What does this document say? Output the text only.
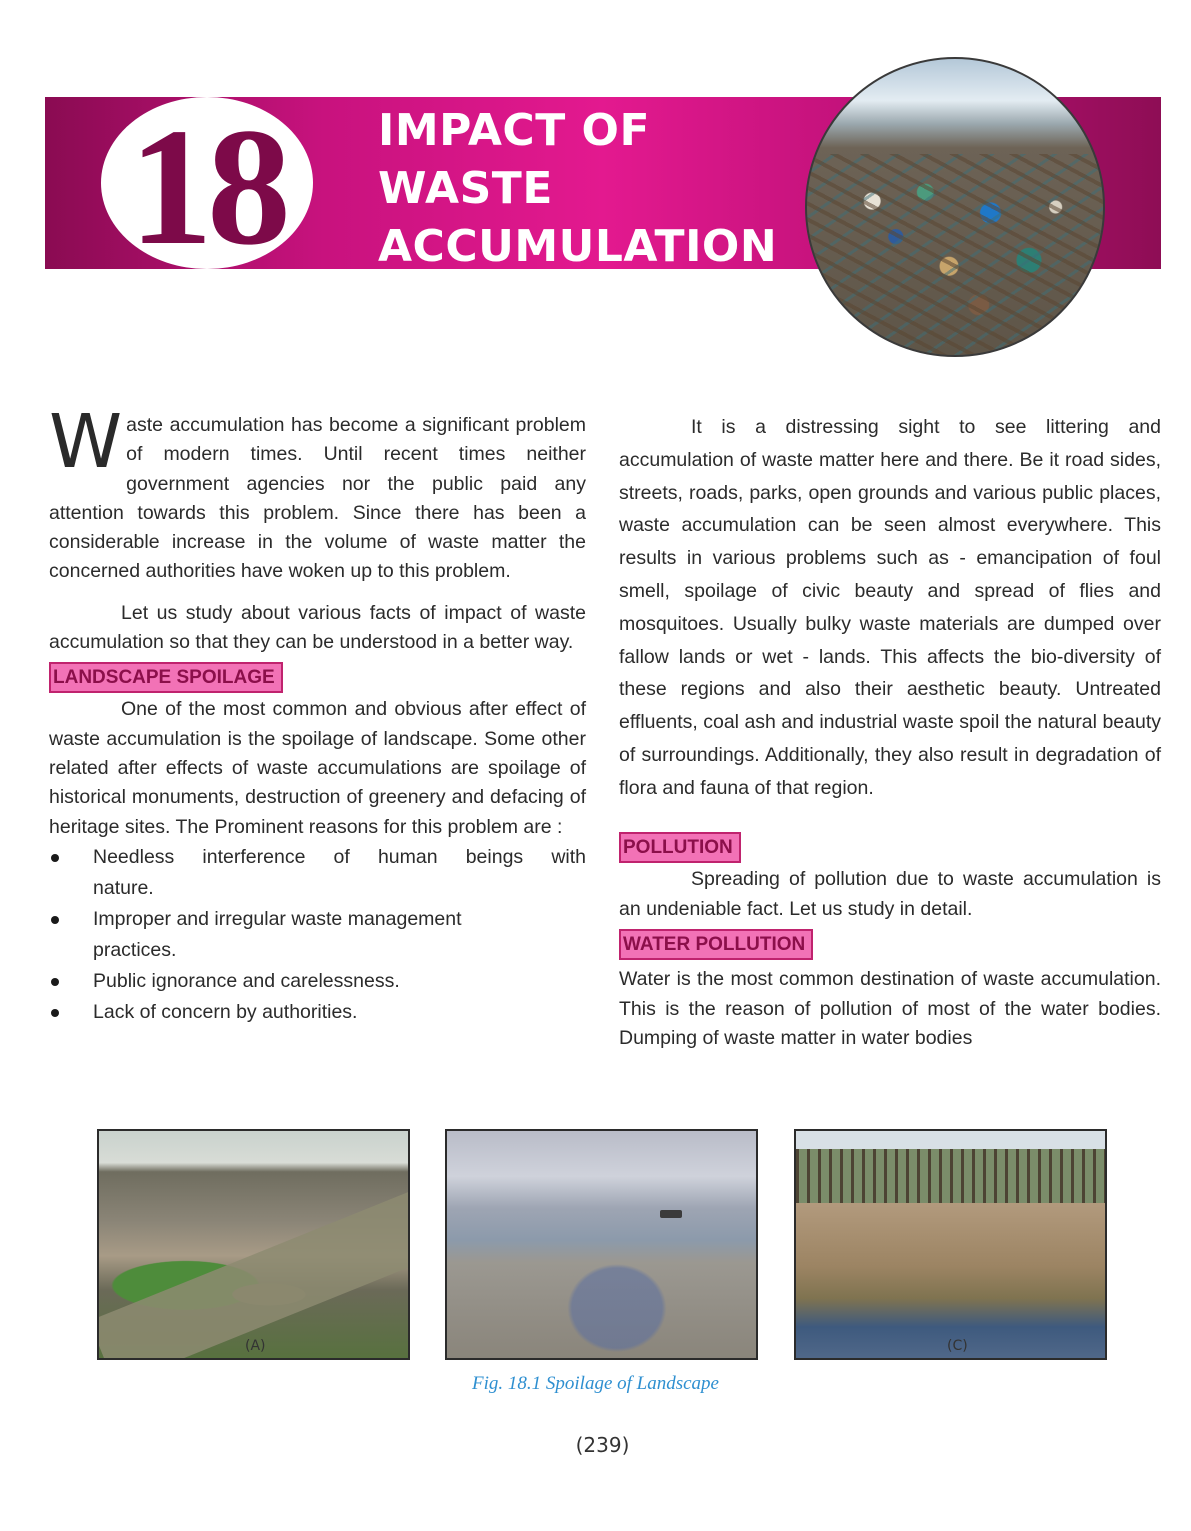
18	IMPACT OF
WASTE
ACCUMULATION

Waste accumulation has become a significant problem of modern times. Until recent times neither government agencies nor the public paid any attention towards this problem. Since there has been a considerable increase in the volume of waste matter the concerned authorities have woken up to this problem.

Let us study about various facts of impact of waste accumulation so that they can be understood in a better way.

LANDSCAPE SPOILAGE

One of the most common and obvious after effect of waste accumulation is the spoilage of landscape. Some other related after effects of waste accumulations are spoilage of historical monuments, destruction of greenery and defacing of heritage sites. The Prominent reasons for this problem are :

Needless interference of human beings with
nature.
Improper and irregular waste management
practices.
Public ignorance and carelessness.
Lack of concern by authorities.

It is a distressing sight to see littering and accumulation of waste matter here and there. Be it road sides, streets, roads, parks, open grounds and various public places, waste accumulation can be seen almost everywhere. This results in various problems such as - emancipation of foul smell, spoilage of civic beauty and spread of flies and mosquitoes. Usually bulky waste materials are dumped over fallow lands or wet - lands. This affects the bio-diversity of these regions and also their aesthetic beauty. Untreated effluents, coal ash and industrial waste spoil the natural beauty of surroundings. Additionally, they also result in degradation of flora and fauna of that region.

POLLUTION

Spreading of pollution due to waste accumulation is an undeniable fact. Let us study in detail.

WATER POLLUTION

Water is the most common destination of waste accumulation. This is the reason of pollution of most of the water bodies. Dumping of waste matter in water bodies

(A)	(C)
Fig. 18.1 Spoilage of Landscape
(239)
